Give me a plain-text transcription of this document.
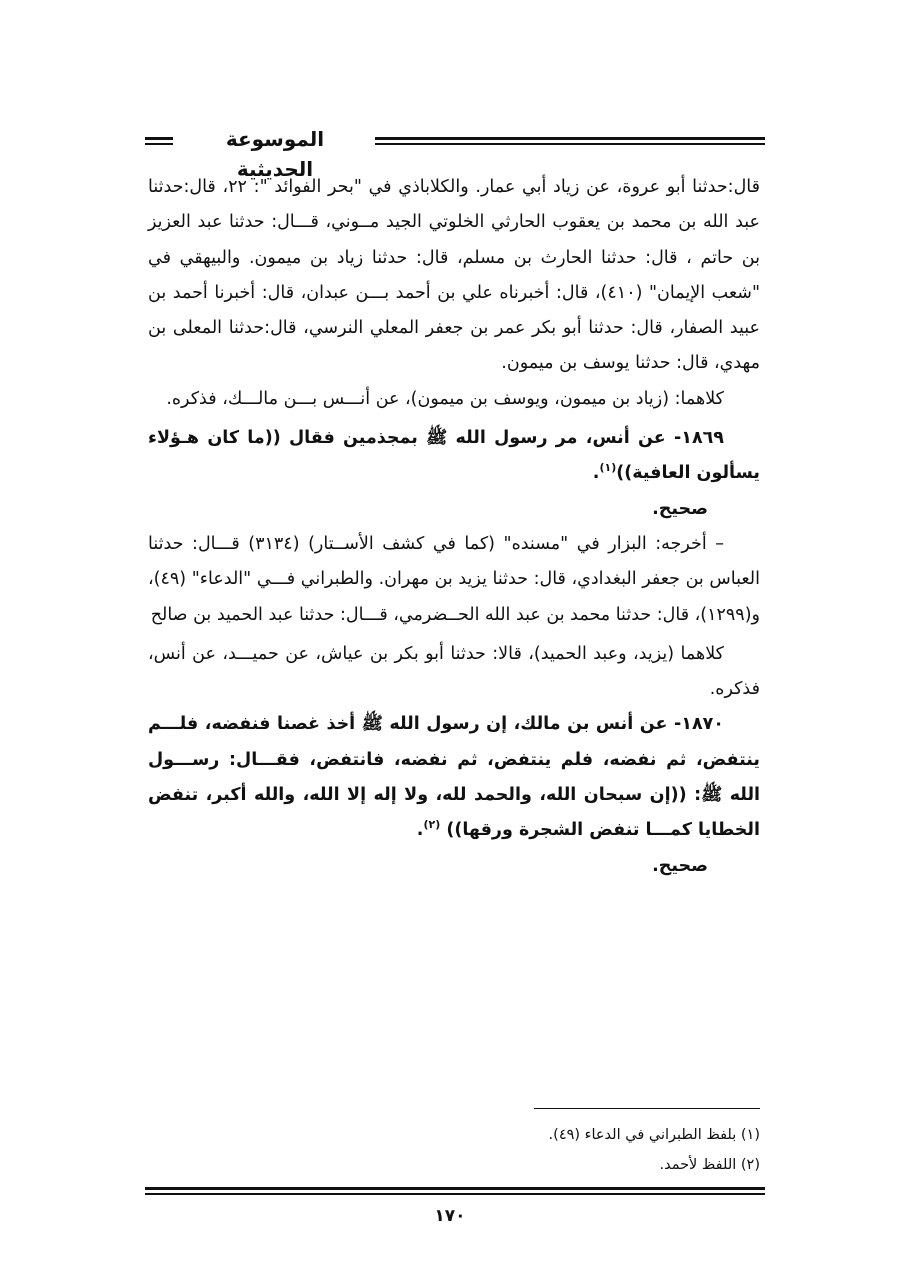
الموسوعة الحديثية

قال:حدثنا أبو عروة، عن زياد أبي عمار. والكلاباذي في "بحر الفوائد ": ٢٢، قال:حدثنا عبد الله بن محمد بن يعقوب الحارثي الخلوتي الجيد مــوني، قـــال: حدثنا عبد العزيز بن حاتم ، قال: حدثنا الحارث بن مسلم، قال: حدثنا زياد بن ميمون. والبيهقي في "شعب الإيمان" (٤١٠)، قال: أخبرناه علي بن أحمد بـــن عبدان، قال: أخبرنا أحمد بن عبيد الصفار، قال: حدثنا أبو بكر عمر بن جعفر المعلي النرسي، قال:حدثنا المعلى بن مهدي، قال: حدثنا يوسف بن ميمون.

كلاهما: (زياد بن ميمون، ويوسف بن ميمون)، عن أنـــس بـــن مالـــك، فذكره.

١٨٦٩- عن أنس، مر رسول الله ﷺ بمجذمين فقال ((ما كان هـؤلاء يسألون العافية))$^{(١)}$.

صحيح.

– أخرجه: البزار في "مسنده" (كما في كشف الأســتار) (٣١٣٤) قـــال: حدثنا العباس بن جعفر البغدادي، قال: حدثنا يزيد بن مهران. والطبراني فـــي "الدعاء" (٤٩)، و(١٢٩٩)، قال: حدثنا محمد بن عبد الله الحــضرمي، قـــال: حدثنا عبد الحميد بن صالح

كلاهما (يزيد، وعبد الحميد)، قالا: حدثنا أبو بكر بن عياش، عن حميـــد، عن أنس، فذكره.

١٨٧٠- عن أنس بن مالك، إن رسول الله ﷺ أخذ غصنا فنفضه، فلـــم ينتفض، ثم نفضه، فلم ينتفض، ثم نفضه، فانتفض، فقـــال: رســـول الله ﷺ: ((إن سبحان الله، والحمد لله، ولا إله إلا الله، والله أكبر، تنفض الخطايا كمـــا تنفض الشجرة ورقها)) $^{(٢)}$.

صحيح.

(١) بلفظ الطبراني في الدعاء (٤٩).
(٢) اللفظ لأحمد.
١٧٠
